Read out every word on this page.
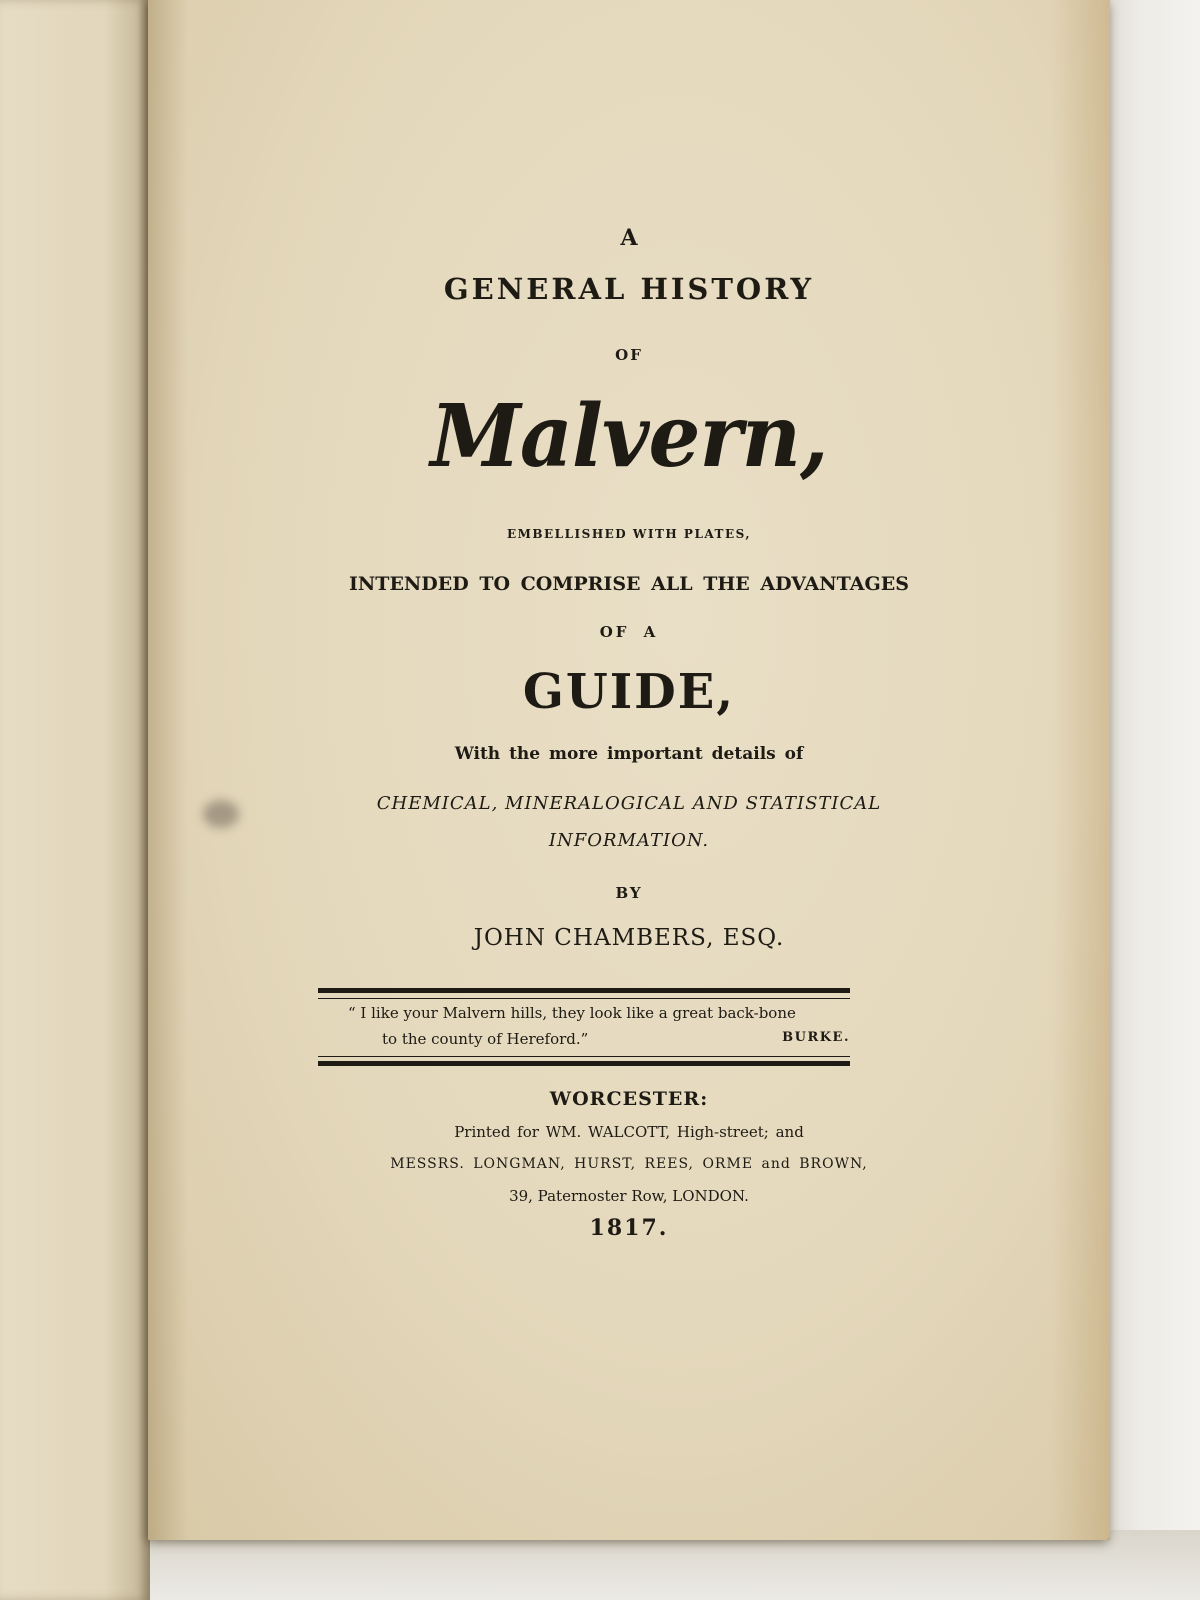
A
GENERAL HISTORY
OF
Malvern,
EMBELLISHED WITH PLATES,
INTENDED TO COMPRISE ALL THE ADVANTAGES
OF A
GUIDE,
With the more important details of
CHEMICAL, MINERALOGICAL AND STATISTICAL
INFORMATION.
BY
JOHN CHAMBERS, ESQ.
“ I like your Malvern hills, they look like a great back-bone
to the county of Hereford.”	BURKE.
WORCESTER:
Printed for WM. WALCOTT, High-street; and
MESSRS. LONGMAN, HURST, REES, ORME and BROWN,
39, Paternoster Row, LONDON.
1817.
